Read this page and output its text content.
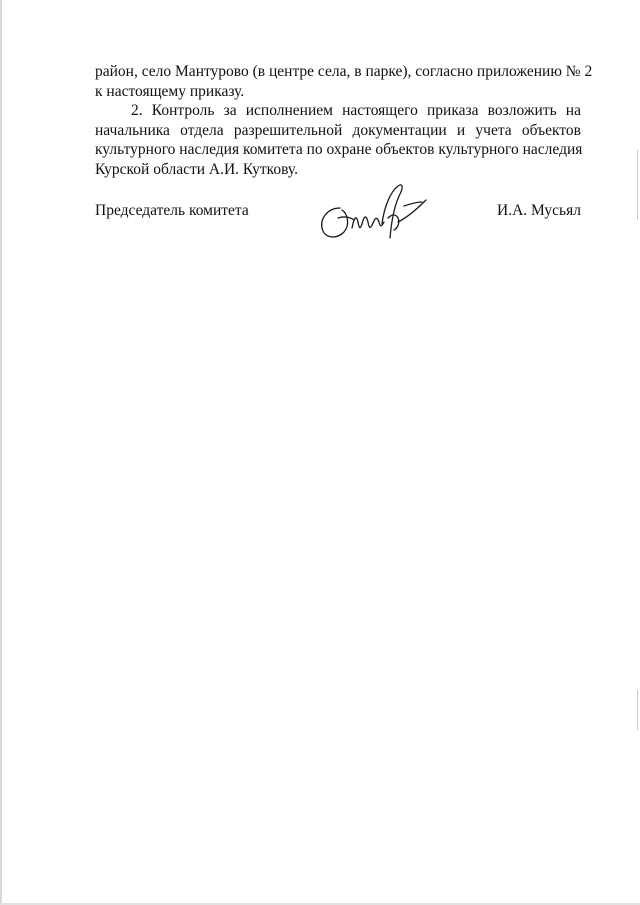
район, село Мантурово (в центре села, в парке), согласно приложению № 2
к настоящему приказу.

2. Контроль за исполнением настоящего приказа возложить на
начальника отдела разрешительной документации и учета объектов
культурного наследия комитета по охране объектов культурного наследия
Курской области А.И. Куткову.

Председатель комитета	И.А. Мусьял
